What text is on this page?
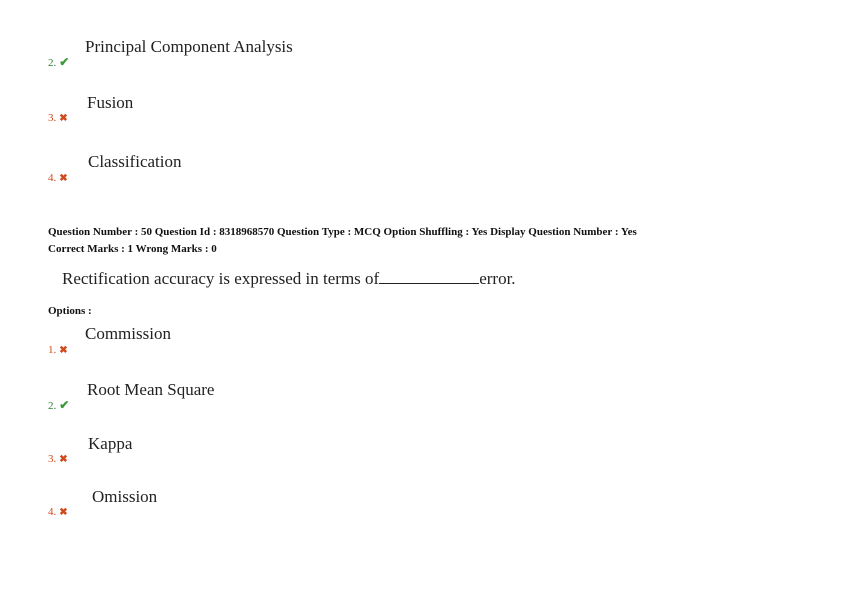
Principal Component Analysis
2. ✔
Fusion
3. ✖
Classification
4. ✖
Question Number : 50 Question Id : 8318968570 Question Type : MCQ Option Shuffling : Yes Display Question Number : Yes
Correct Marks : 1 Wrong Marks : 0
Rectification accuracy is expressed in terms of	error.
Options :
Commission
1. ✖
Root Mean Square
2. ✔
Kappa
3. ✖
Omission
4. ✖
